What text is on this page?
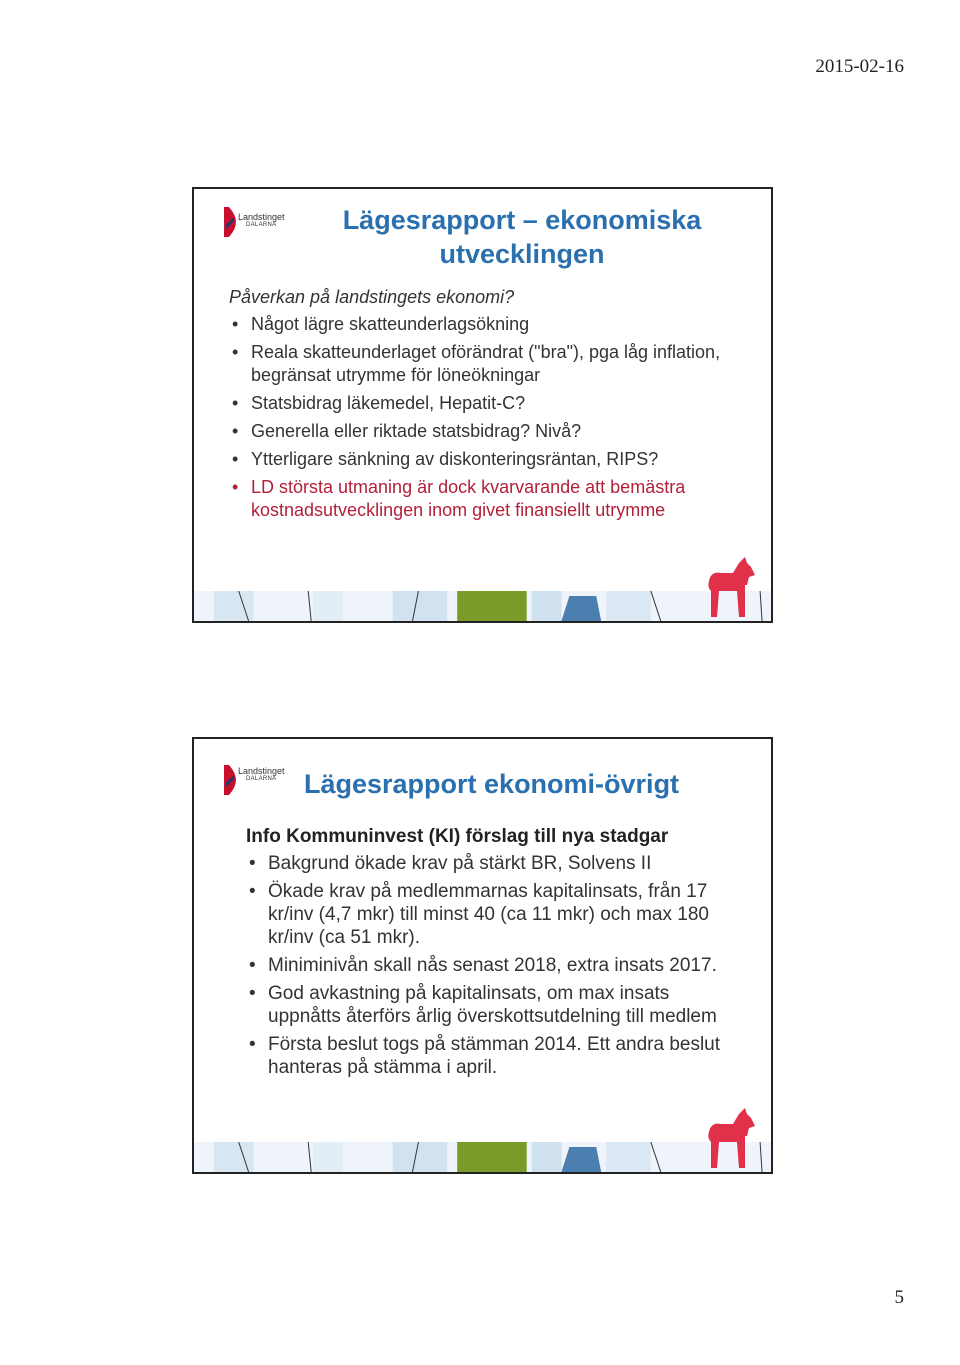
2015-02-16
Landstinget
DALARNA	Lägesrapport – ekonomiska utvecklingen
Påverkan på landstingets ekonomi?
• Något lägre skatteunderlagsökning
• Reala skatteunderlaget oförändrat ("bra"), pga låg inflation, begränsat utrymme för löneökningar
• Statsbidrag läkemedel, Hepatit-C?
• Generella eller riktade statsbidrag? Nivå?
• Ytterligare sänkning av diskonteringsräntan, RIPS?
• LD största utmaning är dock kvarvarande att bemästra kostnadsutvecklingen inom givet finansiellt utrymme
Landstinget
DALARNA Lägesrapport ekonomi-övrigt
Info Kommuninvest (KI) förslag till nya stadgar
• Bakgrund ökade krav på stärkt BR, Solvens II
• Ökade krav på medlemmarnas kapitalinsats, från 17 kr/inv (4,7 mkr) till minst 40 (ca 11 mkr) och max 180 kr/inv (ca 51 mkr).
• Miniminivån skall nås senast 2018, extra insats 2017.
• God avkastning på kapitalinsats, om max insats uppnåtts återförs årlig överskottsutdelning till medlem
• Första beslut togs på stämman 2014. Ett andra beslut hanteras på stämma i april.
5
